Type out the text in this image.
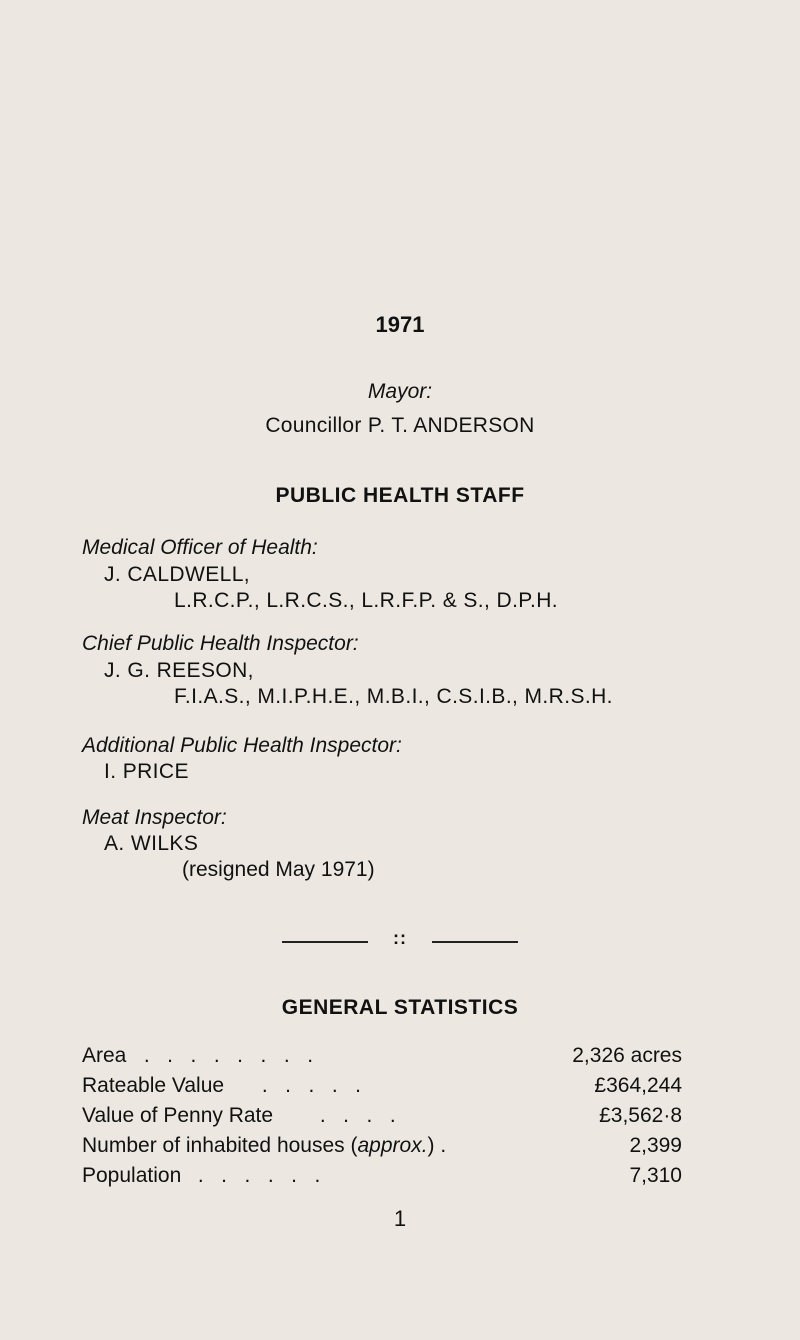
1971
Mayor:
Councillor P. T. ANDERSON
PUBLIC HEALTH STAFF
Medical Officer of Health:
J. CALDWELL,
L.R.C.P., L.R.C.S., L.R.F.P. & S., D.P.H.
Chief Public Health Inspector:
J. G. REESON,
F.I.A.S., M.I.P.H.E., M.B.I., C.S.I.B., M.R.S.H.
Additional Public Health Inspector:
I. PRICE
Meat Inspector:
A. WILKS
(resigned May 1971)
::
GENERAL STATISTICS
Area .   .   .   .   .   .   .   .	2,326 acres
Rateable Value .   .   .   .   .	£364,244
Value of Penny Rate .   .   .   .	£3,562·8
Number of inhabited houses (approx.) .	2,399
Population .   .   .   .   .   .	7,310
1
